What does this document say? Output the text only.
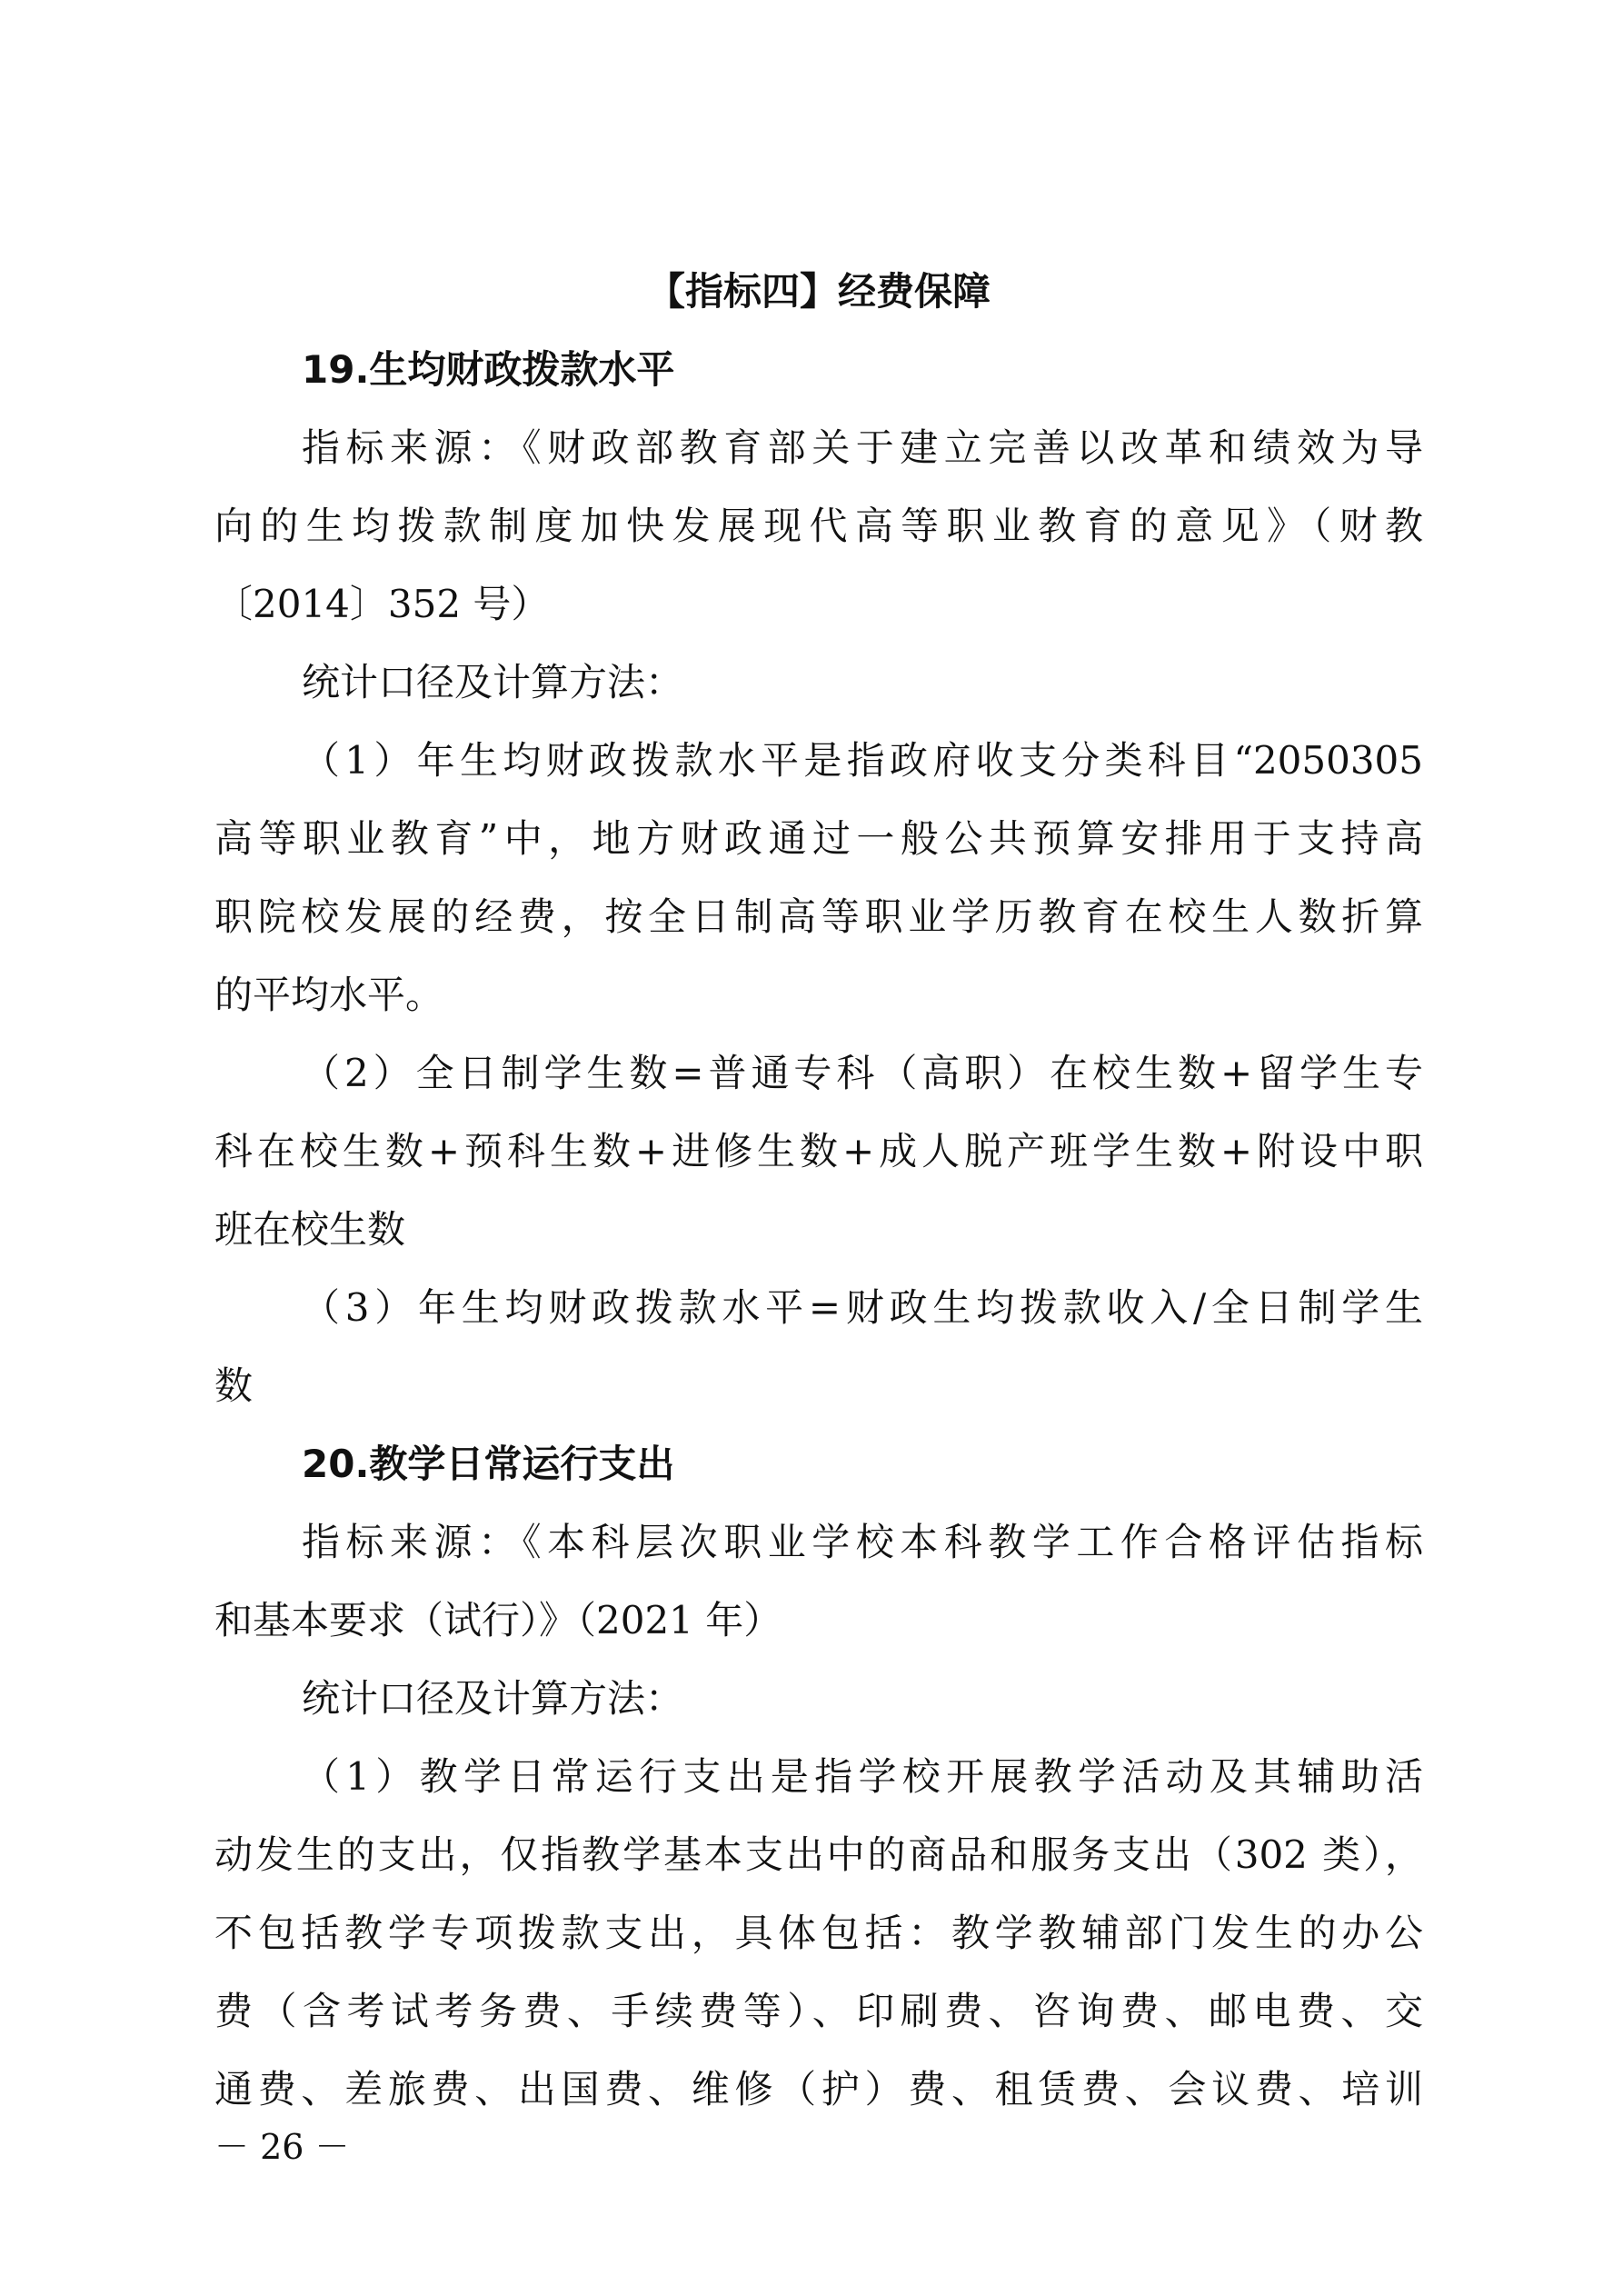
【指标四】经费保障
19.生均财政拨款水平
指标来源：《财政部教育部关于建立完善以改革和绩效为导
向的生均拨款制度加快发展现代高等职业教育的意见》（财教
〔2014〕352 号）
统计口径及计算方法：
（1）年生均财政拨款水平是指政府收支分类科目“2050305
高等职业教育”中，地方财政通过一般公共预算安排用于支持高
职院校发展的经费，按全日制高等职业学历教育在校生人数折算
的平均水平。
（2）全日制学生数=普通专科（高职）在校生数+留学生专
科在校生数+预科生数+进修生数+成人脱产班学生数+附设中职
班在校生数
（3）年生均财政拨款水平=财政生均拨款收入/全日制学生
数
20.教学日常运行支出
指标来源：《本科层次职业学校本科教学工作合格评估指标
和基本要求（试行）》（2021 年）
统计口径及计算方法：
（1）教学日常运行支出是指学校开展教学活动及其辅助活
动发生的支出，仅指教学基本支出中的商品和服务支出（302 类），
不包括教学专项拨款支出，具体包括：教学教辅部门发生的办公
费（含考试考务费、手续费等）、印刷费、咨询费、邮电费、交
通费、差旅费、出国费、维修（护）费、租赁费、会议费、培训
－ 26 －
